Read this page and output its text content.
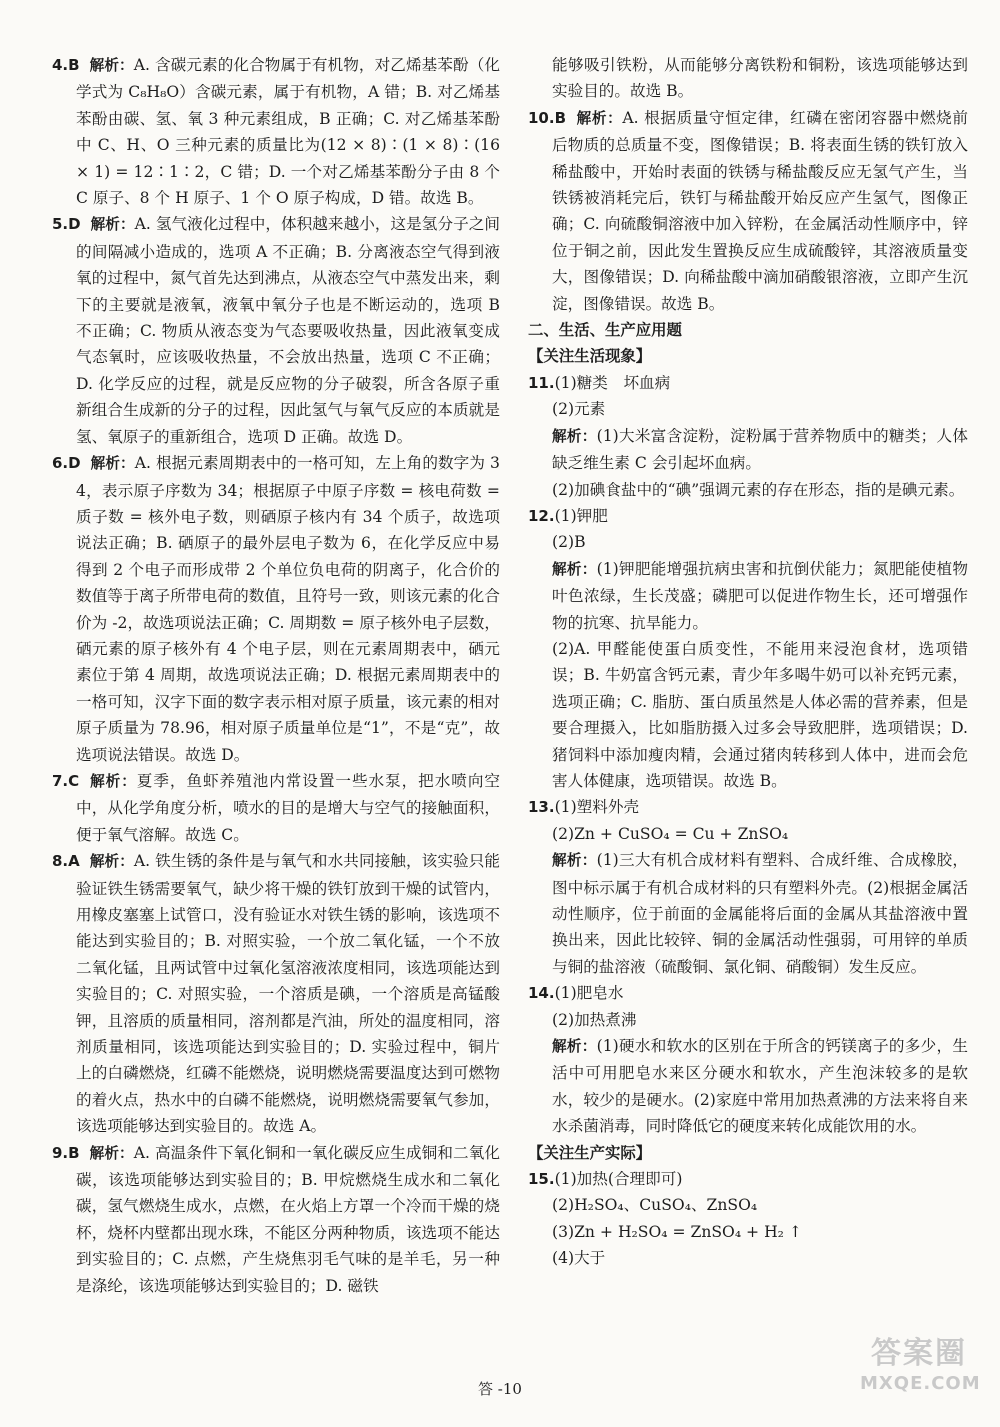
4.B 解析：A. 含碳元素的化合物属于有机物，对乙烯基苯酚（化学式为 C₈H₈O）含碳元素，属于有机物，A 错；B. 对乙烯基苯酚由碳、氢、氧 3 种元素组成，B 正确；C. 对乙烯基苯酚中 C、H、O 三种元素的质量比为(12 × 8)∶(1 × 8)∶(16 × 1) = 12∶1∶2，C 错；D. 一个对乙烯基苯酚分子由 8 个 C 原子、8 个 H 原子、1 个 O 原子构成，D 错。故选 B。

5.D 解析：A. 氢气液化过程中，体积越来越小，这是氢分子之间的间隔减小造成的，选项 A 不正确；B. 分离液态空气得到液氧的过程中，氮气首先达到沸点，从液态空气中蒸发出来，剩下的主要就是液氧，液氧中氧分子也是不断运动的，选项 B 不正确；C. 物质从液态变为气态要吸收热量，因此液氧变成气态氧时，应该吸收热量，不会放出热量，选项 C 不正确；D. 化学反应的过程，就是反应物的分子破裂，所含各原子重新组合生成新的分子的过程，因此氢气与氧气反应的本质就是氢、氧原子的重新组合，选项 D 正确。故选 D。

6.D 解析：A. 根据元素周期表中的一格可知，左上角的数字为 34，表示原子序数为 34；根据原子中原子序数 = 核电荷数 = 质子数 = 核外电子数，则硒原子核内有 34 个质子，故选项说法正确；B. 硒原子的最外层电子数为 6，在化学反应中易得到 2 个电子而形成带 2 个单位负电荷的阴离子，化合价的数值等于离子所带电荷的数值，且符号一致，则该元素的化合价为 -2，故选项说法正确；C. 周期数 = 原子核外电子层数，硒元素的原子核外有 4 个电子层，则在元素周期表中，硒元素位于第 4 周期，故选项说法正确；D. 根据元素周期表中的一格可知，汉字下面的数字表示相对原子质量，该元素的相对原子质量为 78.96，相对原子质量单位是“1”，不是“克”，故选项说法错误。故选 D。

7.C 解析：夏季，鱼虾养殖池内常设置一些水泵，把水喷向空中，从化学角度分析，喷水的目的是增大与空气的接触面积，便于氧气溶解。故选 C。

8.A 解析：A. 铁生锈的条件是与氧气和水共同接触，该实验只能验证铁生锈需要氧气，缺少将干燥的铁钉放到干燥的试管内，用橡皮塞塞上试管口，没有验证水对铁生锈的影响，该选项不能达到实验目的；B. 对照实验，一个放二氧化锰，一个不放二氧化锰，且两试管中过氧化氢溶液浓度相同，该选项能达到实验目的；C. 对照实验，一个溶质是碘，一个溶质是高锰酸钾，且溶质的质量相同，溶剂都是汽油，所处的温度相同，溶剂质量相同，该选项能达到实验目的；D. 实验过程中，铜片上的白磷燃烧，红磷不能燃烧，说明燃烧需要温度达到可燃物的着火点，热水中的白磷不能燃烧，说明燃烧需要氧气参加，该选项能够达到实验目的。故选 A。

9.B 解析：A. 高温条件下氧化铜和一氧化碳反应生成铜和二氧化碳，该选项能够达到实验目的；B. 甲烷燃烧生成水和二氧化碳，氢气燃烧生成水，点燃，在火焰上方罩一个冷而干燥的烧杯，烧杯内壁都出现水珠，不能区分两种物质，该选项不能达到实验目的；C. 点燃，产生烧焦羽毛气味的是羊毛，另一种是涤纶，该选项能够达到实验目的；D. 磁铁

能够吸引铁粉，从而能够分离铁粉和铜粉，该选项能够达到实验目的。故选 B。

10.B 解析：A. 根据质量守恒定律，红磷在密闭容器中燃烧前后物质的总质量不变，图像错误；B. 将表面生锈的铁钉放入稀盐酸中，开始时表面的铁锈与稀盐酸反应无氢气产生，当铁锈被消耗完后，铁钉与稀盐酸开始反应产生氢气，图像正确；C. 向硫酸铜溶液中加入锌粉，在金属活动性顺序中，锌位于铜之前，因此发生置换反应生成硫酸锌，其溶液质量变大，图像错误；D. 向稀盐酸中滴加硝酸银溶液，立即产生沉淀，图像错误。故选 B。

二、生活、生产应用题

【关注生活现象】

11.(1)糖类　坏血病

(2)元素

解析：(1)大米富含淀粉，淀粉属于营养物质中的糖类；人体缺乏维生素 C 会引起坏血病。

(2)加碘食盐中的“碘”强调元素的存在形态，指的是碘元素。

12.(1)钾肥

(2)B

解析：(1)钾肥能增强抗病虫害和抗倒伏能力；氮肥能使植物叶色浓绿，生长茂盛；磷肥可以促进作物生长，还可增强作物的抗寒、抗旱能力。

(2)A. 甲醛能使蛋白质变性，不能用来浸泡食材，选项错误；B. 牛奶富含钙元素，青少年多喝牛奶可以补充钙元素，选项正确；C. 脂肪、蛋白质虽然是人体必需的营养素，但是要合理摄入，比如脂肪摄入过多会导致肥胖，选项错误；D. 猪饲料中添加瘦肉精，会通过猪肉转移到人体中，进而会危害人体健康，选项错误。故选 B。

13.(1)塑料外壳

(2)Zn + CuSO₄ = Cu + ZnSO₄

解析：(1)三大有机合成材料有塑料、合成纤维、合成橡胶，图中标示属于有机合成材料的只有塑料外壳。(2)根据金属活动性顺序，位于前面的金属能将后面的金属从其盐溶液中置换出来，因此比较锌、铜的金属活动性强弱，可用锌的单质与铜的盐溶液（硫酸铜、氯化铜、硝酸铜）发生反应。

14.(1)肥皂水

(2)加热煮沸

解析：(1)硬水和软水的区别在于所含的钙镁离子的多少，生活中可用肥皂水来区分硬水和软水，产生泡沫较多的是软水，较少的是硬水。(2)家庭中常用加热煮沸的方法来将自来水杀菌消毒，同时降低它的硬度来转化成能饮用的水。

【关注生产实际】

15.(1)加热(合理即可)

(2)H₂SO₄、CuSO₄、ZnSO₄

(3)Zn + H₂SO₄ = ZnSO₄ + H₂ ↑

(4)大于

答 -10
答案圈
MXQE.COM
